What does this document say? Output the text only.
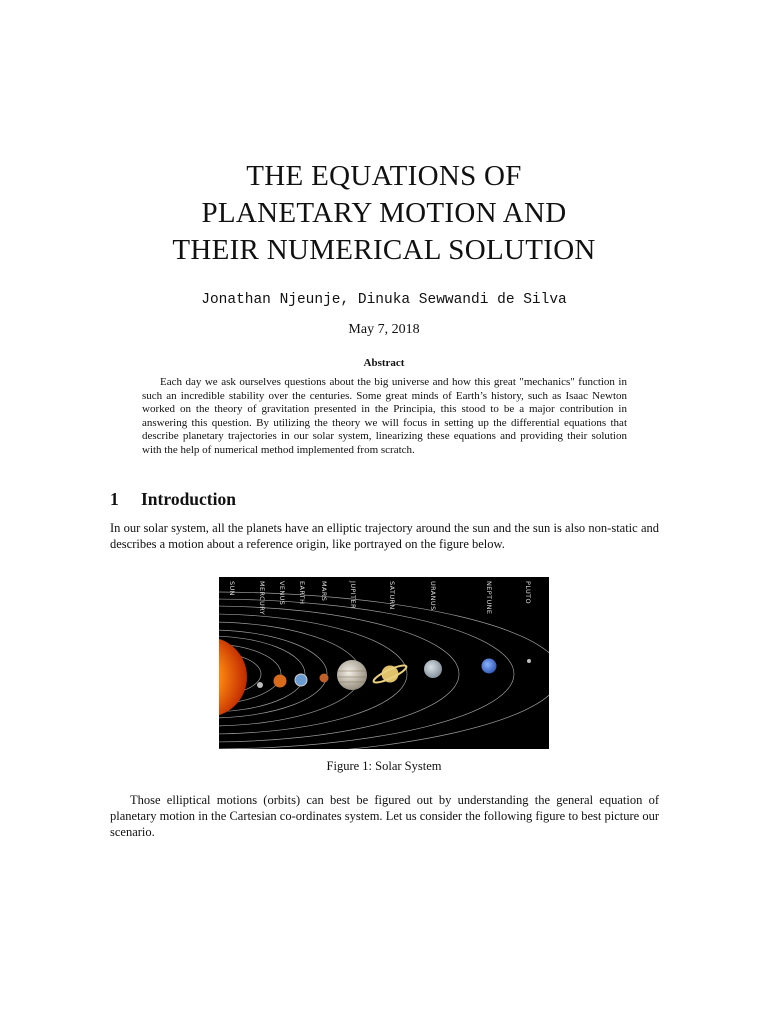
THE EQUATIONS OF
PLANETARY MOTION AND
THEIR NUMERICAL SOLUTION
Jonathan Njeunje, Dinuka Sewwandi de Silva
May 7, 2018
Abstract
Each day we ask ourselves questions about the big universe and how this great "mechanics" function in such an incredible stability over the centuries. Some great minds of Earth’s history, such as Isaac Newton worked on the theory of gravitation presented in the Principia, this stood to be a major contribution in answering this question. By utilizing the theory we will focus in setting up the differential equations that describe planetary trajectories in our solar system, linearizing these equations and providing their solution with the help of numerical method implemented from scratch.
1 Introduction
In our solar system, all the planets have an elliptic trajectory around the sun and the sun is also non-static and describes a motion about a reference origin, like portrayed on the figure below.
SUN	MERCURY VENUS EARTH MARS	JUPITER	SATURN	URANUS	NEPTUNE	PLUTO
Figure 1: Solar System
Those elliptical motions (orbits) can best be figured out by understanding the general equation of planetary motion in the Cartesian co-ordinates system. Let us consider the following figure to best picture our scenario.
